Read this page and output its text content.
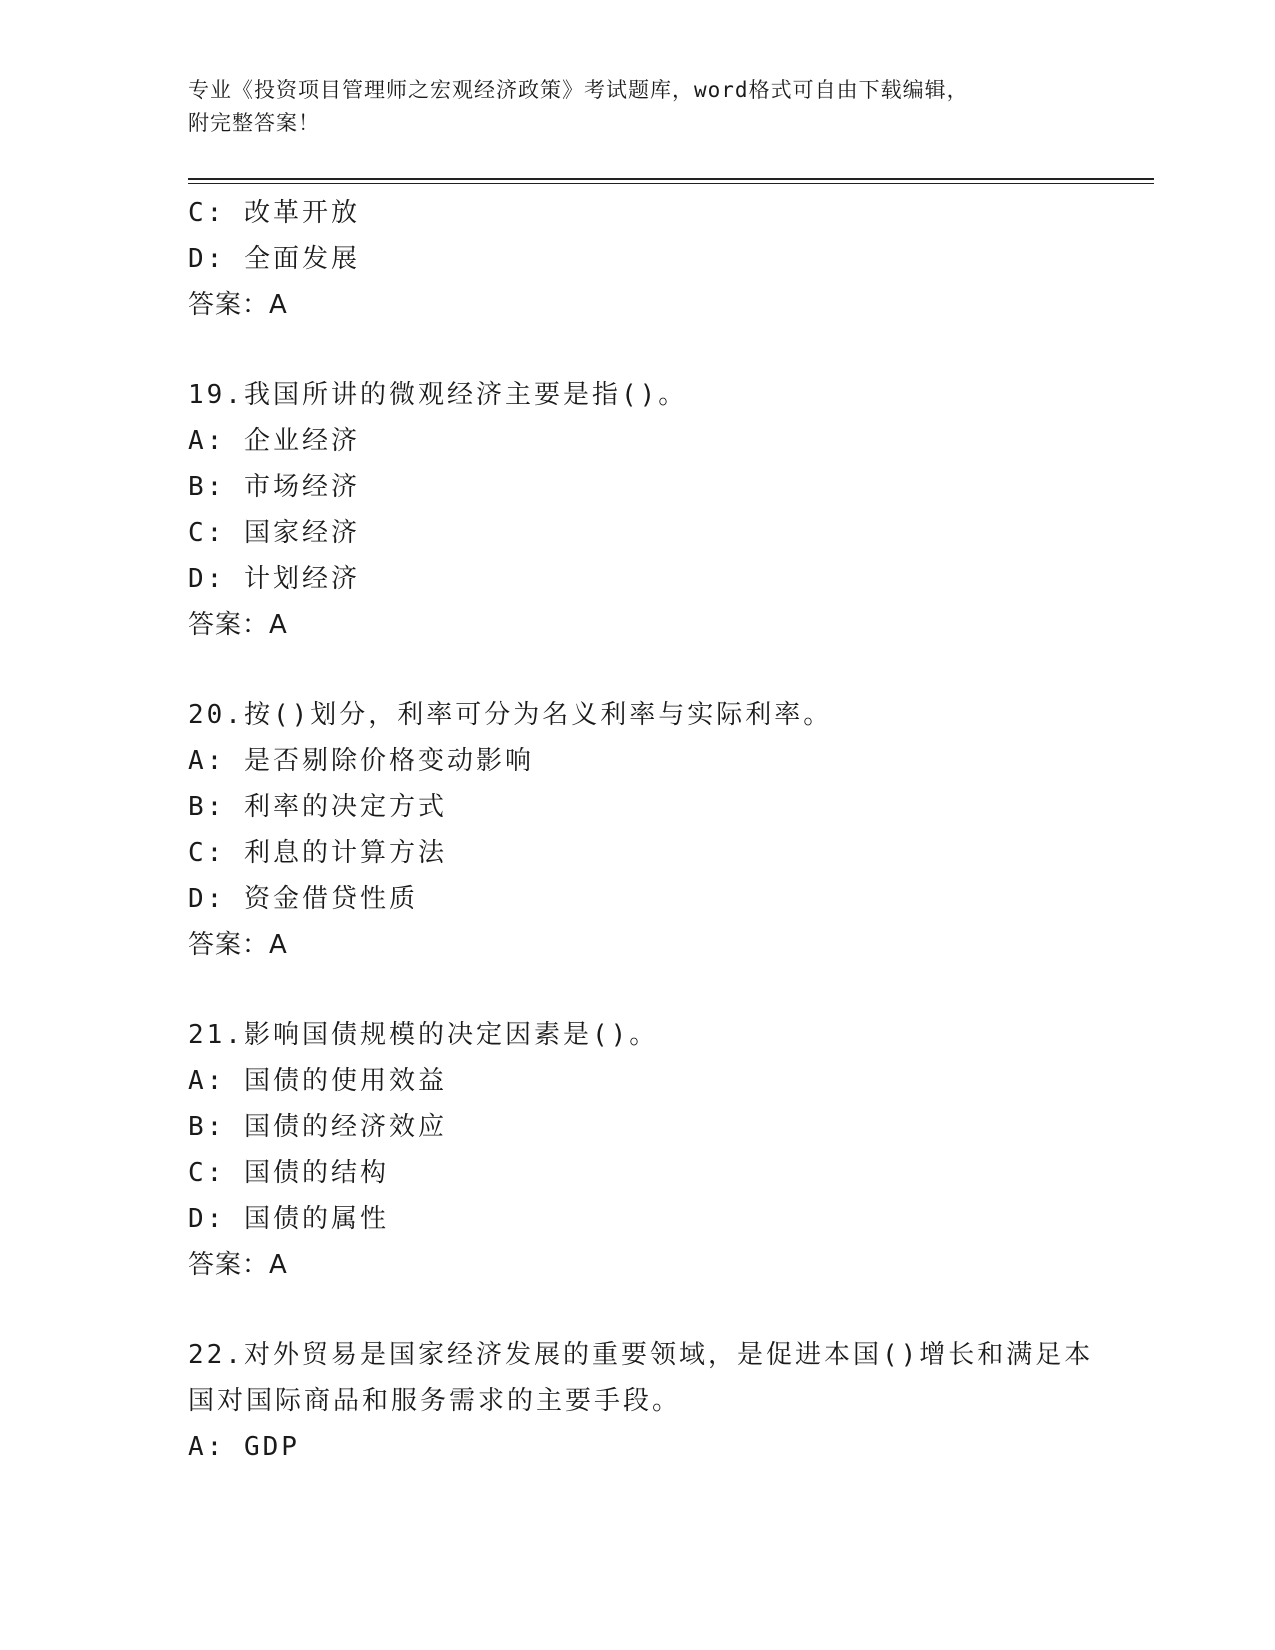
专业《投资项目管理师之宏观经济政策》考试题库，word格式可自由下载编辑，
附完整答案！
C: 改革开放
D: 全面发展
答案：A
19.我国所讲的微观经济主要是指()。
A: 企业经济
B: 市场经济
C: 国家经济
D: 计划经济
答案：A
20.按()划分，利率可分为名义利率与实际利率。
A: 是否剔除价格变动影响
B: 利率的决定方式
C: 利息的计算方法
D: 资金借贷性质
答案：A
21.影响国债规模的决定因素是()。
A: 国债的使用效益
B: 国债的经济效应
C: 国债的结构
D: 国债的属性
答案：A
22.对外贸易是国家经济发展的重要领域，是促进本国()增长和满足本
国对国际商品和服务需求的主要手段。
A: GDP
